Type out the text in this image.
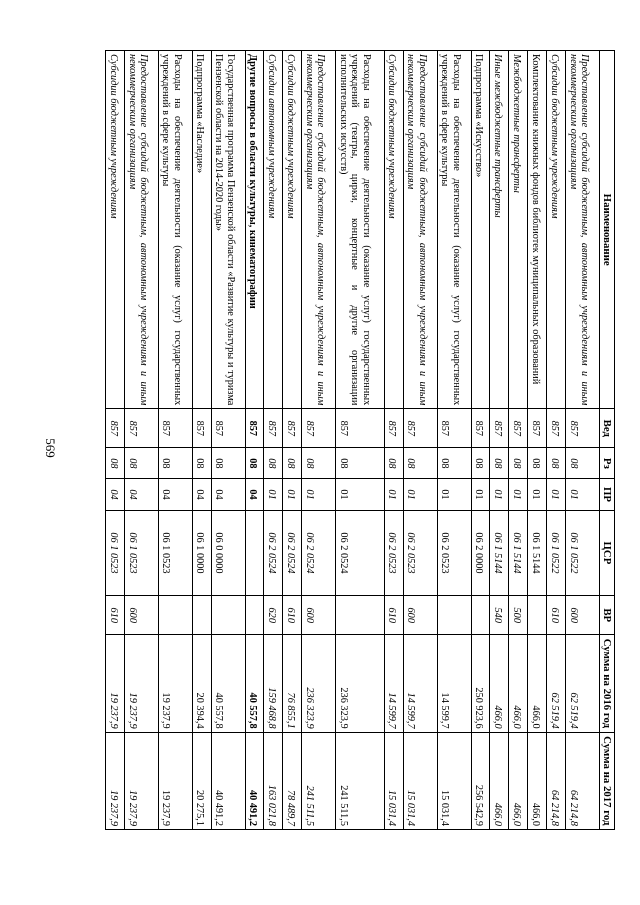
569
Наименование	Вед	Рз	ПР	ЦСР	ВР	Сумма на 2016 год	Сумма на 2017 год
Предоставление субсидий бюджетным, автономным учреждениям и иным некоммерческим организациям	857	08	01	06 1 0522	600	62 519,4	64 214,8
Субсидии бюджетным учреждениям	857	08	01	06 1 0522	610	62 519,4	64 214,8
Комплектование книжных фондов библиотек муниципальных образований	857	08	01	06 1 5144		466,0	466,0
Межбюджетные трансферты	857	08	01	06 1 5144	500	466,0	466,0
Иные межбюджетные трансферты	857	08	01	06 1 5144	540	466,0	466,0
Подпрограмма «Искусство»	857	08	01	06 2 0000		250 923,6	256 542,9
Расходы на обеспечение деятельности (оказание услуг) государственных учреждений в сфере культуры	857	08	01	06 2 0523		14 599,7	15 031,4
Предоставление субсидий бюджетным, автономным учреждениям и иным некоммерческим организациям	857	08	01	06 2 0523	600	14 599,7	15 031,4
Субсидии бюджетным учреждениям	857	08	01	06 2 0523	610	14 599,7	15 031,4
Расходы на обеспечение деятельности (оказание услуг) государственных учреждений (театры, цирки, концертные и другие организации исполнительских искусств)	857	08	01	06 2 0524		236 323,9	241 511,5
Предоставление субсидий бюджетным, автономным учреждениям и иным некоммерческим организациям	857	08	01	06 2 0524	600	236 323,9	241 511,5
Субсидии бюджетным учреждениям	857	08	01	06 2 0524	610	76 855,1	78 489,7
Субсидии автономным учреждениям	857	08	01	06 2 0524	620	159 468,8	163 021,8
Другие вопросы в области культуры, кинематографии	857	08	04			40 557,8	40 491,2
Государственная программа Пензенской области «Развитие культуры и туризма Пензенской области на 2014-2020 годы»	857	08	04	06 0 0000		40 557,8	40 491,2
Подпрограмма «Наследие»	857	08	04	06 1 0000		20 394,4	20 275,1
Расходы на обеспечение деятельности (оказание услуг) государственных учреждений в сфере культуры	857	08	04	06 1 0523		19 237,9	19 237,9
Предоставление субсидий бюджетным, автономным учреждениям и иным некоммерческим организациям	857	08	04	06 1 0523	600	19 237,9	19 237,9
Субсидии бюджетным учреждениям	857	08	04	06 1 0523	610	19 237,9	19 237,9
